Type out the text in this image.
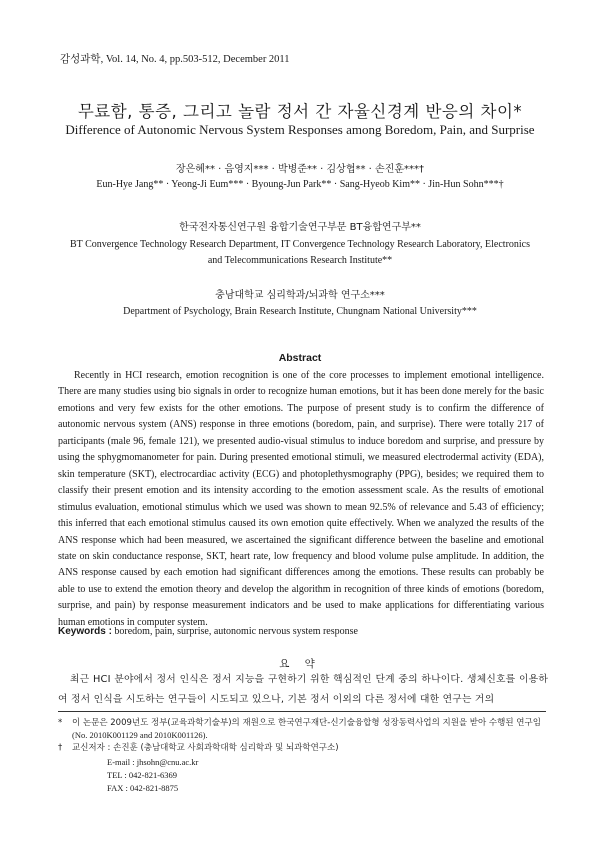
감성과학, Vol. 14, No. 4, pp.503-512, December 2011
무료함, 통증, 그리고 놀람 정서 간 자율신경계 반응의 차이*
Difference of Autonomic Nervous System Responses among Boredom, Pain, and Surprise
장은혜** · 음영지*** · 박병준** · 김상협** · 손진훈***†
Eun-Hye Jang** · Yeong-Ji Eum*** · Byoung-Jun Park** · Sang-Hyeob Kim** · Jin-Hun Sohn***†
한국전자통신연구원 융합기술연구부문 BT융합연구부**
BT Convergence Technology Research Department, IT Convergence Technology Research Laboratory, Electronics
and Telecommunications Research Institute**
충남대학교 심리학과/뇌과학 연구소***
Department of Psychology, Brain Research Institute, Chungnam National University***
Abstract

Recently in HCI research, emotion recognition is one of the core processes to implement emotional intelligence. There are many studies using bio signals in order to recognize human emotions, but it has been done merely for the basic emotions and very few exists for the other emotions. The purpose of present study is to confirm the difference of autonomic nervous system (ANS) response in three emotions (boredom, pain, and surprise). There were totally 217 of participants (male 96, female 121), we presented audio-visual stimulus to induce boredom and surprise, and pressure by using the sphygmomanometer for pain. During presented emotional stimuli, we measured electrodermal activity (EDA), skin temperature (SKT), electrocardiac activity (ECG) and photoplethysmography (PPG), besides; we required them to classify their present emotion and its intensity according to the emotion assessment scale. As the results of emotional stimulus evaluation, emotional stimulus which we used was shown to mean 92.5% of relevance and 5.43 of efficiency; this inferred that each emotional stimulus caused its own emotion quite effectively. When we analyzed the results of the ANS response which had been measured, we ascertained the significant difference between the baseline and emotional state on skin conductance response, SKT, heart rate, low frequency and blood volume pulse amplitude. In addition, the ANS response caused by each emotion had significant differences among the emotions. These results can probably be able to use to extend the emotion theory and develop the algorithm in recognition of three kinds of emotions (boredom, surprise, and pain) by response measurement indicators and be used to make applications for differentiating various human emotions in computer system.

Keywords : boredom, pain, surprise, autonomic nervous system response
요 약

최근 HCI 분야에서 정서 인식은 정서 지능을 구현하기 위한 핵심적인 단계 중의 하나이다. 생체신호를 이용하여 정서 인식을 시도하는 연구들이 시도되고 있으나, 기본 정서 이외의 다른 정서에 대한 연구는 거의

* 이 논문은 2009년도 정부(교육과학기술부)의 재원으로 한국연구재단-신기술융합형 성장동력사업의 지원을 받아 수행된 연구임
(No. 2010K001129 and 2010K001126).
† 교신저자 : 손진훈 (충남대학교 사회과학대학 심리학과 및 뇌과학연구소)
E-mail : jhsohn@cnu.ac.kr
TEL : 042-821-6369
FAX : 042-821-8875
